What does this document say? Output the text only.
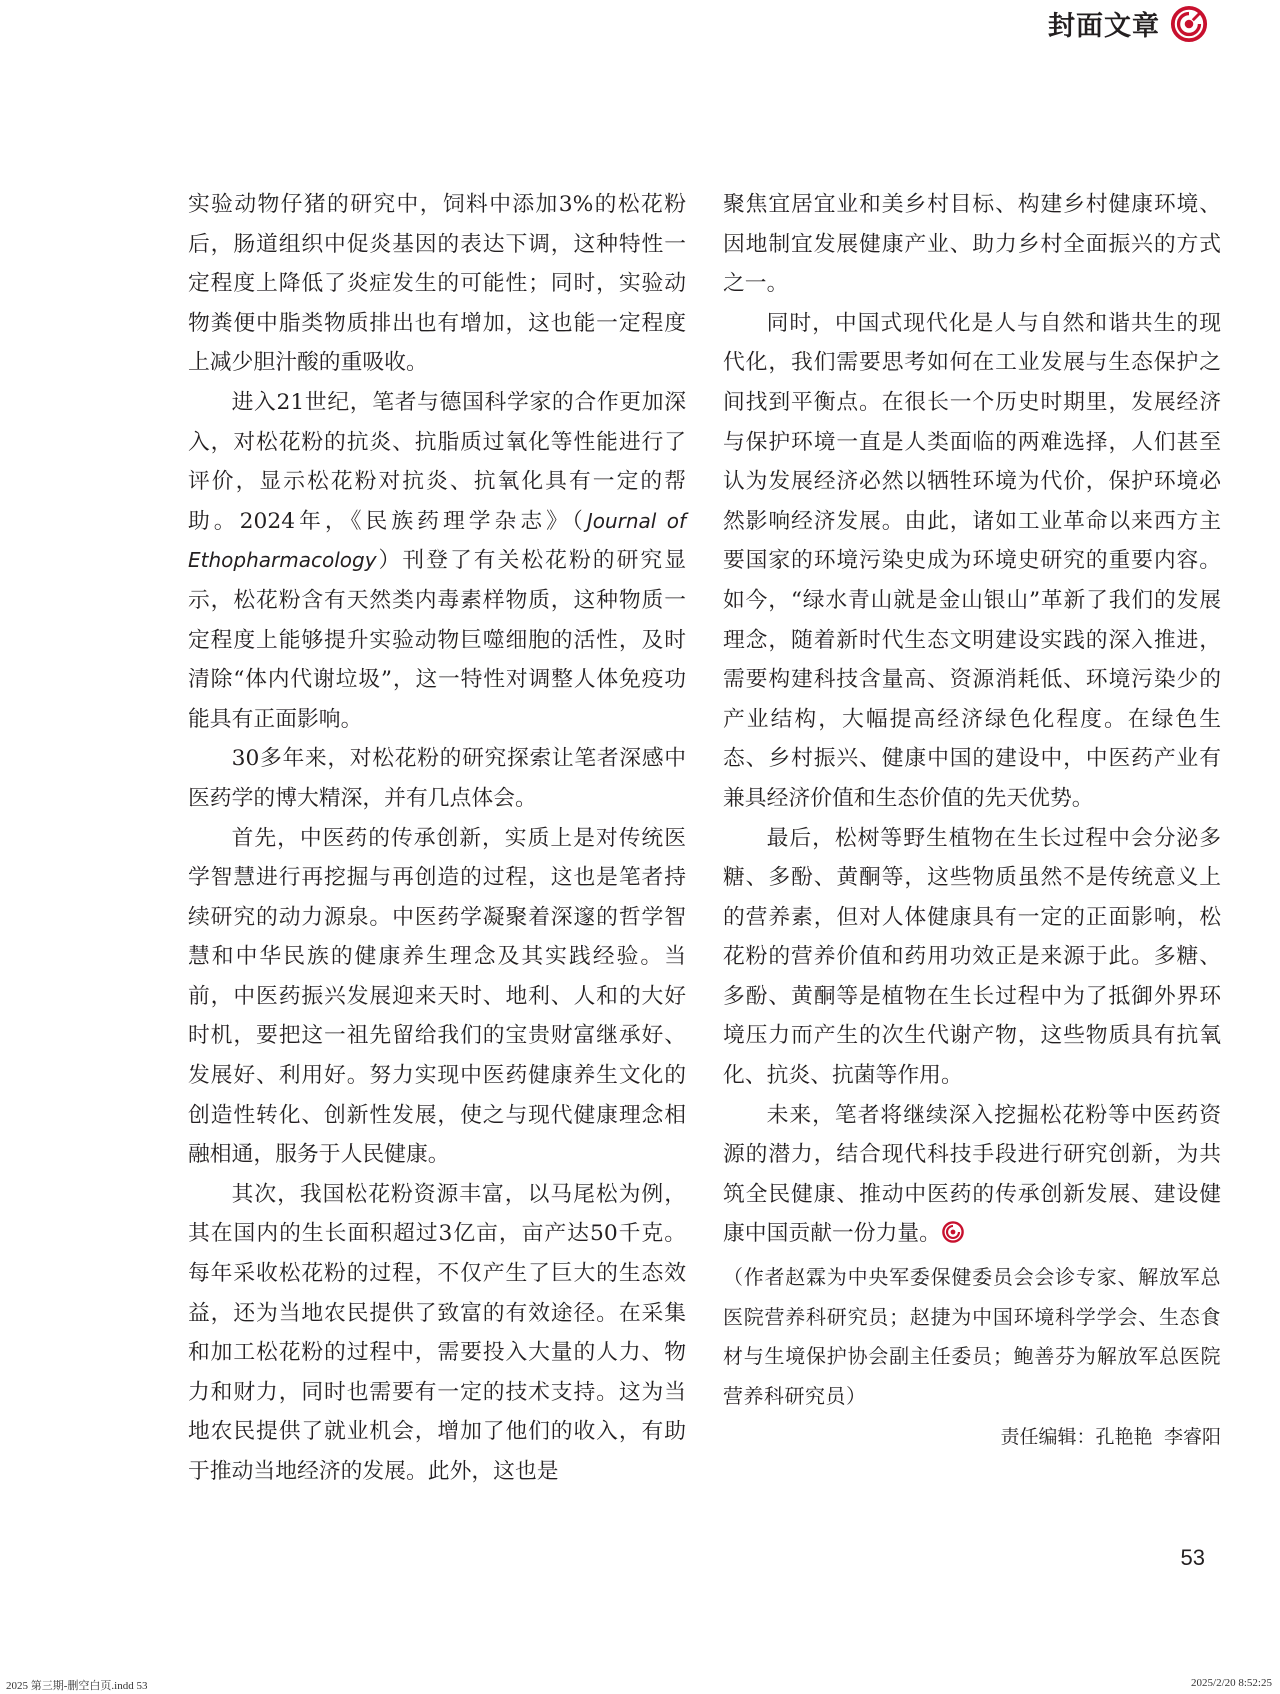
封面文章

实验动物仔猪的研究中，饲料中添加3%的松花粉后，肠道组织中促炎基因的表达下调，这种特性一定程度上降低了炎症发生的可能性；同时，实验动物粪便中脂类物质排出也有增加，这也能一定程度上减少胆汁酸的重吸收。

进入21世纪，笔者与德国科学家的合作更加深入，对松花粉的抗炎、抗脂质过氧化等性能进行了评价，显示松花粉对抗炎、抗氧化具有一定的帮助。2024年，《民族药理学杂志》（Journal of Ethopharmacology）刊登了有关松花粉的研究显示，松花粉含有天然类内毒素样物质，这种物质一定程度上能够提升实验动物巨噬细胞的活性，及时清除“体内代谢垃圾”，这一特性对调整人体免疫功能具有正面影响。

30多年来，对松花粉的研究探索让笔者深感中医药学的博大精深，并有几点体会。

首先，中医药的传承创新，实质上是对传统医学智慧进行再挖掘与再创造的过程，这也是笔者持续研究的动力源泉。中医药学凝聚着深邃的哲学智慧和中华民族的健康养生理念及其实践经验。当前，中医药振兴发展迎来天时、地利、人和的大好时机，要把这一祖先留给我们的宝贵财富继承好、发展好、利用好。努力实现中医药健康养生文化的创造性转化、创新性发展，使之与现代健康理念相融相通，服务于人民健康。

其次，我国松花粉资源丰富，以马尾松为例，其在国内的生长面积超过3亿亩，亩产达50千克。每年采收松花粉的过程，不仅产生了巨大的生态效益，还为当地农民提供了致富的有效途径。在采集和加工松花粉的过程中，需要投入大量的人力、物力和财力，同时也需要有一定的技术支持。这为当地农民提供了就业机会，增加了他们的收入，有助于推动当地经济的发展。此外，这也是

聚焦宜居宜业和美乡村目标、构建乡村健康环境、因地制宜发展健康产业、助力乡村全面振兴的方式之一。

同时，中国式现代化是人与自然和谐共生的现代化，我们需要思考如何在工业发展与生态保护之间找到平衡点。在很长一个历史时期里，发展经济与保护环境一直是人类面临的两难选择，人们甚至认为发展经济必然以牺牲环境为代价，保护环境必然影响经济发展。由此，诸如工业革命以来西方主要国家的环境污染史成为环境史研究的重要内容。如今，“绿水青山就是金山银山”革新了我们的发展理念，随着新时代生态文明建设实践的深入推进，需要构建科技含量高、资源消耗低、环境污染少的产业结构，大幅提高经济绿色化程度。在绿色生态、乡村振兴、健康中国的建设中，中医药产业有兼具经济价值和生态价值的先天优势。

最后，松树等野生植物在生长过程中会分泌多糖、多酚、黄酮等，这些物质虽然不是传统意义上的营养素，但对人体健康具有一定的正面影响，松花粉的营养价值和药用功效正是来源于此。多糖、多酚、黄酮等是植物在生长过程中为了抵御外界环境压力而产生的次生代谢产物，这些物质具有抗氧化、抗炎、抗菌等作用。

未来，笔者将继续深入挖掘松花粉等中医药资源的潜力，结合现代科技手段进行研究创新，为共筑全民健康、推动中医药的传承创新发展、建设健康中国贡献一份力量。

（作者赵霖为中央军委保健委员会会诊专家、解放军总医院营养科研究员；赵捷为中国环境科学学会、生态食材与生境保护协会副主任委员；鲍善芬为解放军总医院营养科研究员）
责任编辑：孔艳艳 李睿阳
53
2025 第三期-删空白页.indd 53	2025/2/20 8:52:25
